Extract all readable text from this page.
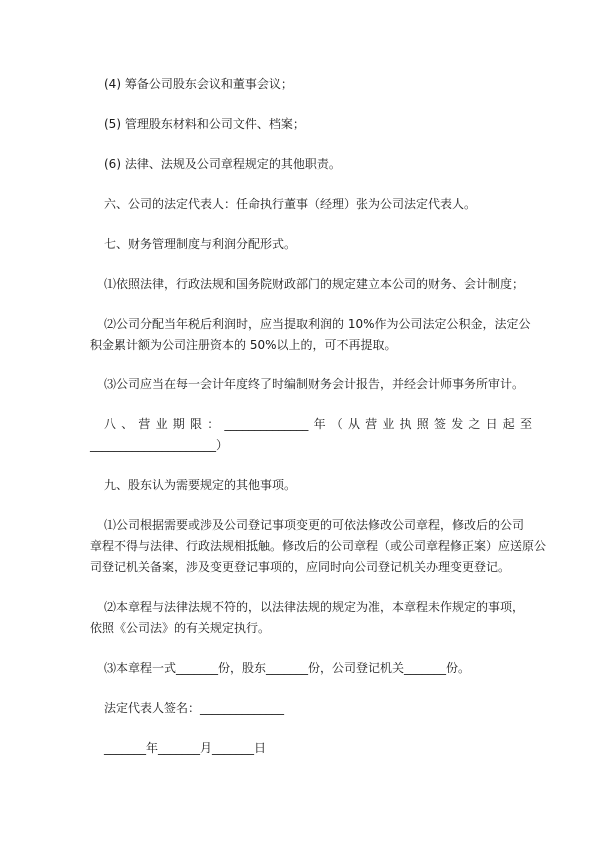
(4) 筹备公司股东会议和董事会议；
(5) 管理股东材料和公司文件、档案；
(6) 法律、法规及公司章程规定的其他职责。
六、公司的法定代表人：任命执行董事（经理）张为公司法定代表人。
七、财务管理制度与利润分配形式。
⑴依照法律，行政法规和国务院财政部门的规定建立本公司的财务、会计制度；
⑵公司分配当年税后利润时，应当提取利润的 10%作为公司法定公积金，法定公
积金累计额为公司注册资本的 50%以上的，可不再提取。
⑶公司应当在每一会计年度终了时编制财务会计报告，并经会计师事务所审计。
八、营业期限：______________年（从营业执照签发之日起至
_____________________）
九、股东认为需要规定的其他事项。
⑴公司根据需要或涉及公司登记事项变更的可依法修改公司章程，修改后的公司
章程不得与法律、行政法规相抵触。修改后的公司章程（或公司章程修正案）应送原公
司登记机关备案，涉及变更登记事项的，应同时向公司登记机关办理变更登记。
⑵本章程与法律法规不符的，以法律法规的规定为准，本章程未作规定的事项，
依照《公司法》的有关规定执行。
⑶本章程一式_______份，股东_______份，公司登记机关_______份。
法定代表人签名：______________
_______年_______月_______日
